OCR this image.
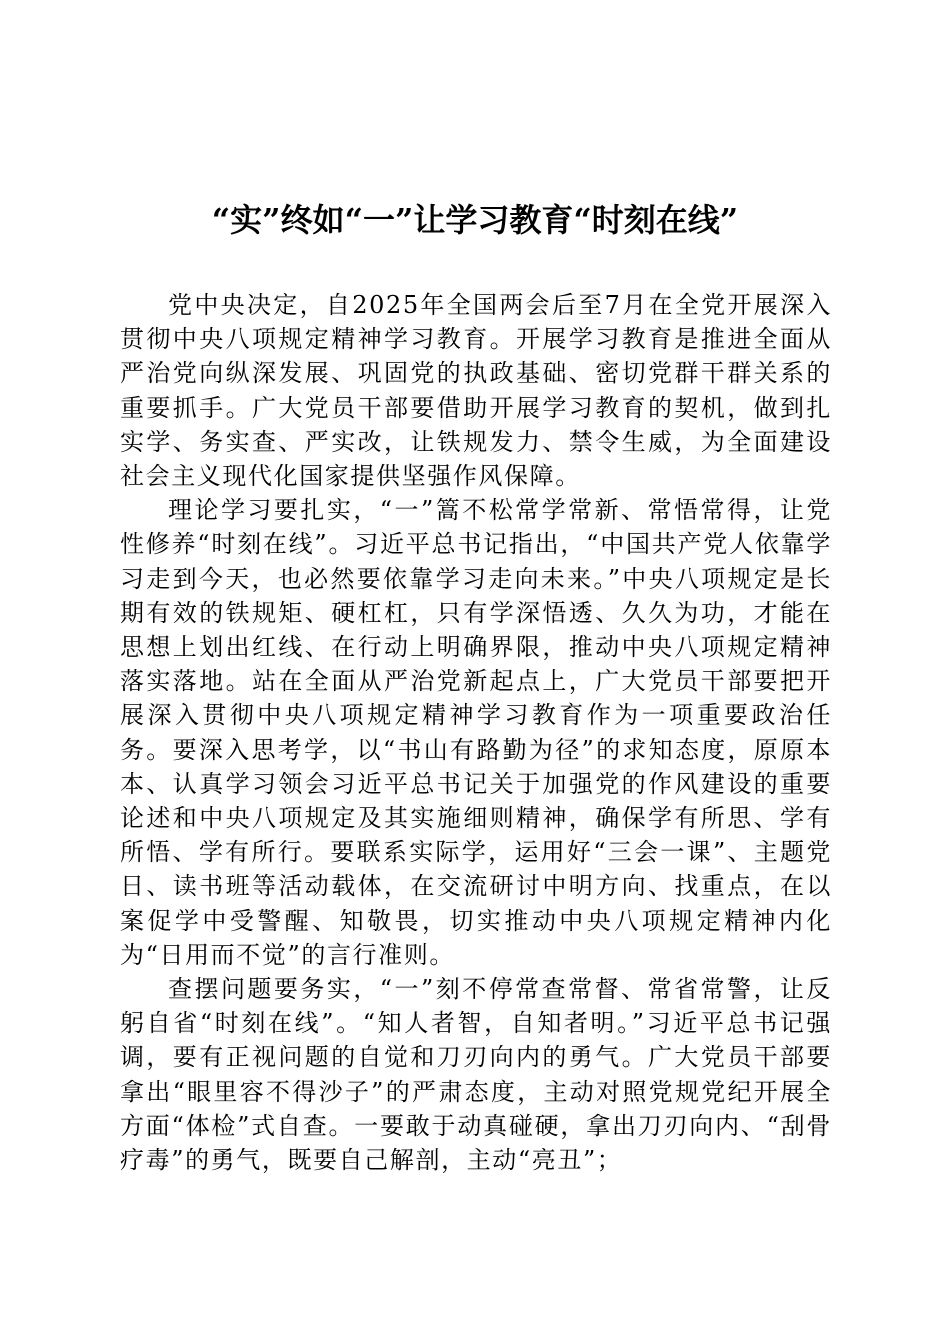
“实”终如“一”让学习教育“时刻在线”

党中央决定，自2025年全国两会后至7月在全党开展深入贯彻中央八项规定精神学习教育。开展学习教育是推进全面从严治党向纵深发展、巩固党的执政基础、密切党群干群关系的重要抓手。广大党员干部要借助开展学习教育的契机，做到扎实学、务实查、严实改，让铁规发力、禁令生威，为全面建设社会主义现代化国家提供坚强作风保障。

理论学习要扎实，“一”篙不松常学常新、常悟常得，让党性修养“时刻在线”。习近平总书记指出，“中国共产党人依靠学习走到今天，也必然要依靠学习走向未来。”中央八项规定是长期有效的铁规矩、硬杠杠，只有学深悟透、久久为功，才能在思想上划出红线、在行动上明确界限，推动中央八项规定精神落实落地。站在全面从严治党新起点上，广大党员干部要把开展深入贯彻中央八项规定精神学习教育作为一项重要政治任务。要深入思考学，以“书山有路勤为径”的求知态度，原原本本、认真学习领会习近平总书记关于加强党的作风建设的重要论述和中央八项规定及其实施细则精神，确保学有所思、学有所悟、学有所行。要联系实际学，运用好“三会一课”、主题党日、读书班等活动载体，在交流研讨中明方向、找重点，在以案促学中受警醒、知敬畏，切实推动中央八项规定精神内化为“日用而不觉”的言行准则。

查摆问题要务实，“一”刻不停常查常督、常省常警，让反躬自省“时刻在线”。“知人者智，自知者明。”习近平总书记强调，要有正视问题的自觉和刀刃向内的勇气。广大党员干部要拿出“眼里容不得沙子”的严肃态度，主动对照党规党纪开展全方面“体检”式自查。一要敢于动真碰硬，拿出刀刃向内、“刮骨疗毒”的勇气，既要自己解剖，主动“亮丑”；
